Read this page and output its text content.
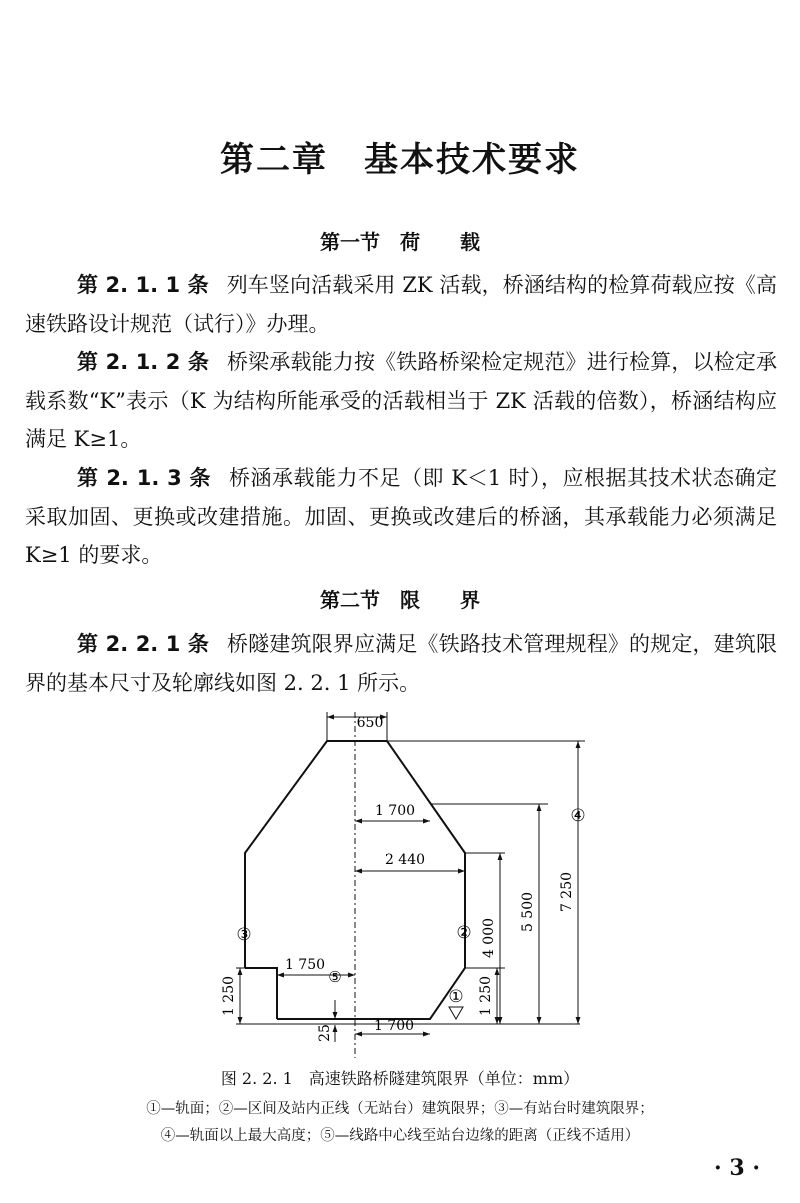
第二章　基本技术要求
第一节　荷　　载
第 2. 1. 1 条 列车竖向活载采用 ZK 活载，桥涵结构的检算荷载应按《高速铁路设计规范（试行）》办理。
第 2. 1. 2 条 桥梁承载能力按《铁路桥梁检定规范》进行检算，以检定承载系数“K”表示（K 为结构所能承受的活载相当于 ZK 活载的倍数），桥涵结构应满足 K≥1。
第 2. 1. 3 条 桥涵承载能力不足（即 K＜1 时），应根据其技术状态确定采取加固、更换或改建措施。加固、更换或改建后的桥涵，其承载能力必须满足 K≥1 的要求。
第二节　限　　界
第 2. 2. 1 条 桥隧建筑限界应满足《铁路技术管理规程》的规定，建筑限界的基本尺寸及轮廓线如图 2. 2. 1 所示。
650
1 700
2 440
4 000
5 500 7 250
1 250	1 250
1 750
25	1 700
①
②
③
④
⑤
图 2. 2. 1　高速铁路桥隧建筑限界（单位：mm）
①—轨面；②—区间及站内正线（无站台）建筑限界；③—有站台时建筑限界；
④—轨面以上最大高度；⑤—线路中心线至站台边缘的距离（正线不适用）
· 3 ·
